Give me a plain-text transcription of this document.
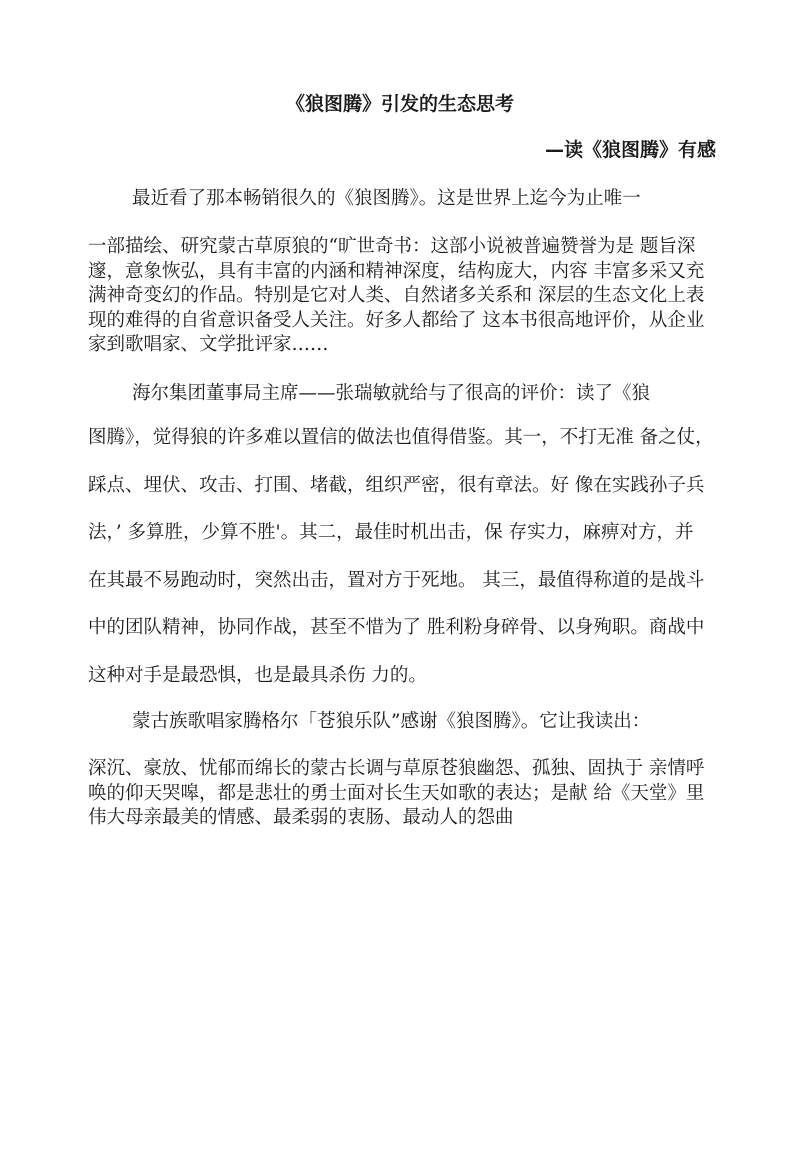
《狼图腾》引发的生态思考
—读《狼图腾》有感

最近看了那本畅销很久的《狼图腾》。这是世界上迄今为止唯一

一部描绘、研究蒙古草原狼的“旷世奇书：这部小说被普遍赞誉为是 题旨深
邃，意象恢弘，具有丰富的内涵和精神深度，结构庞大，内容 丰富多采又充
满神奇变幻的作品。特别是它对人类、自然诸多关系和 深层的生态文化上表
现的难得的自省意识备受人关注。好多人都给了 这本书很高地评价，从企业
家到歌唱家、文学批评家……

海尔集团董事局主席——张瑞敏就给与了很高的评价：读了《狼

图腾》，觉得狼的许多难以置信的做法也值得借鉴。其一，不打无准 备之仗，
踩点、埋伏、攻击、打围、堵截，组织严密，很有章法。好 像在实践孙子兵
法，’ 多算胜，少算不胜'。其二，最佳时机出击，保 存实力，麻痹对方，并
在其最不易跑动时，突然出击，置对方于死地。 其三，最值得称道的是战斗
中的团队精神，协同作战，甚至不惜为了 胜利粉身碎骨、以身殉职。商战中
这种对手是最恐惧，也是最具杀伤 力的。

蒙古族歌唱家腾格尔「苍狼乐队”感谢《狼图腾》。它让我读出：

深沉、豪放、忧郁而绵长的蒙古长调与草原苍狼幽怨、孤独、固执于 亲情呼
唤的仰天哭嗥，都是悲壮的勇士面对长生天如歌的表达；是献 给《天堂》里
伟大母亲最美的情感、最柔弱的衷肠、最动人的怨曲
